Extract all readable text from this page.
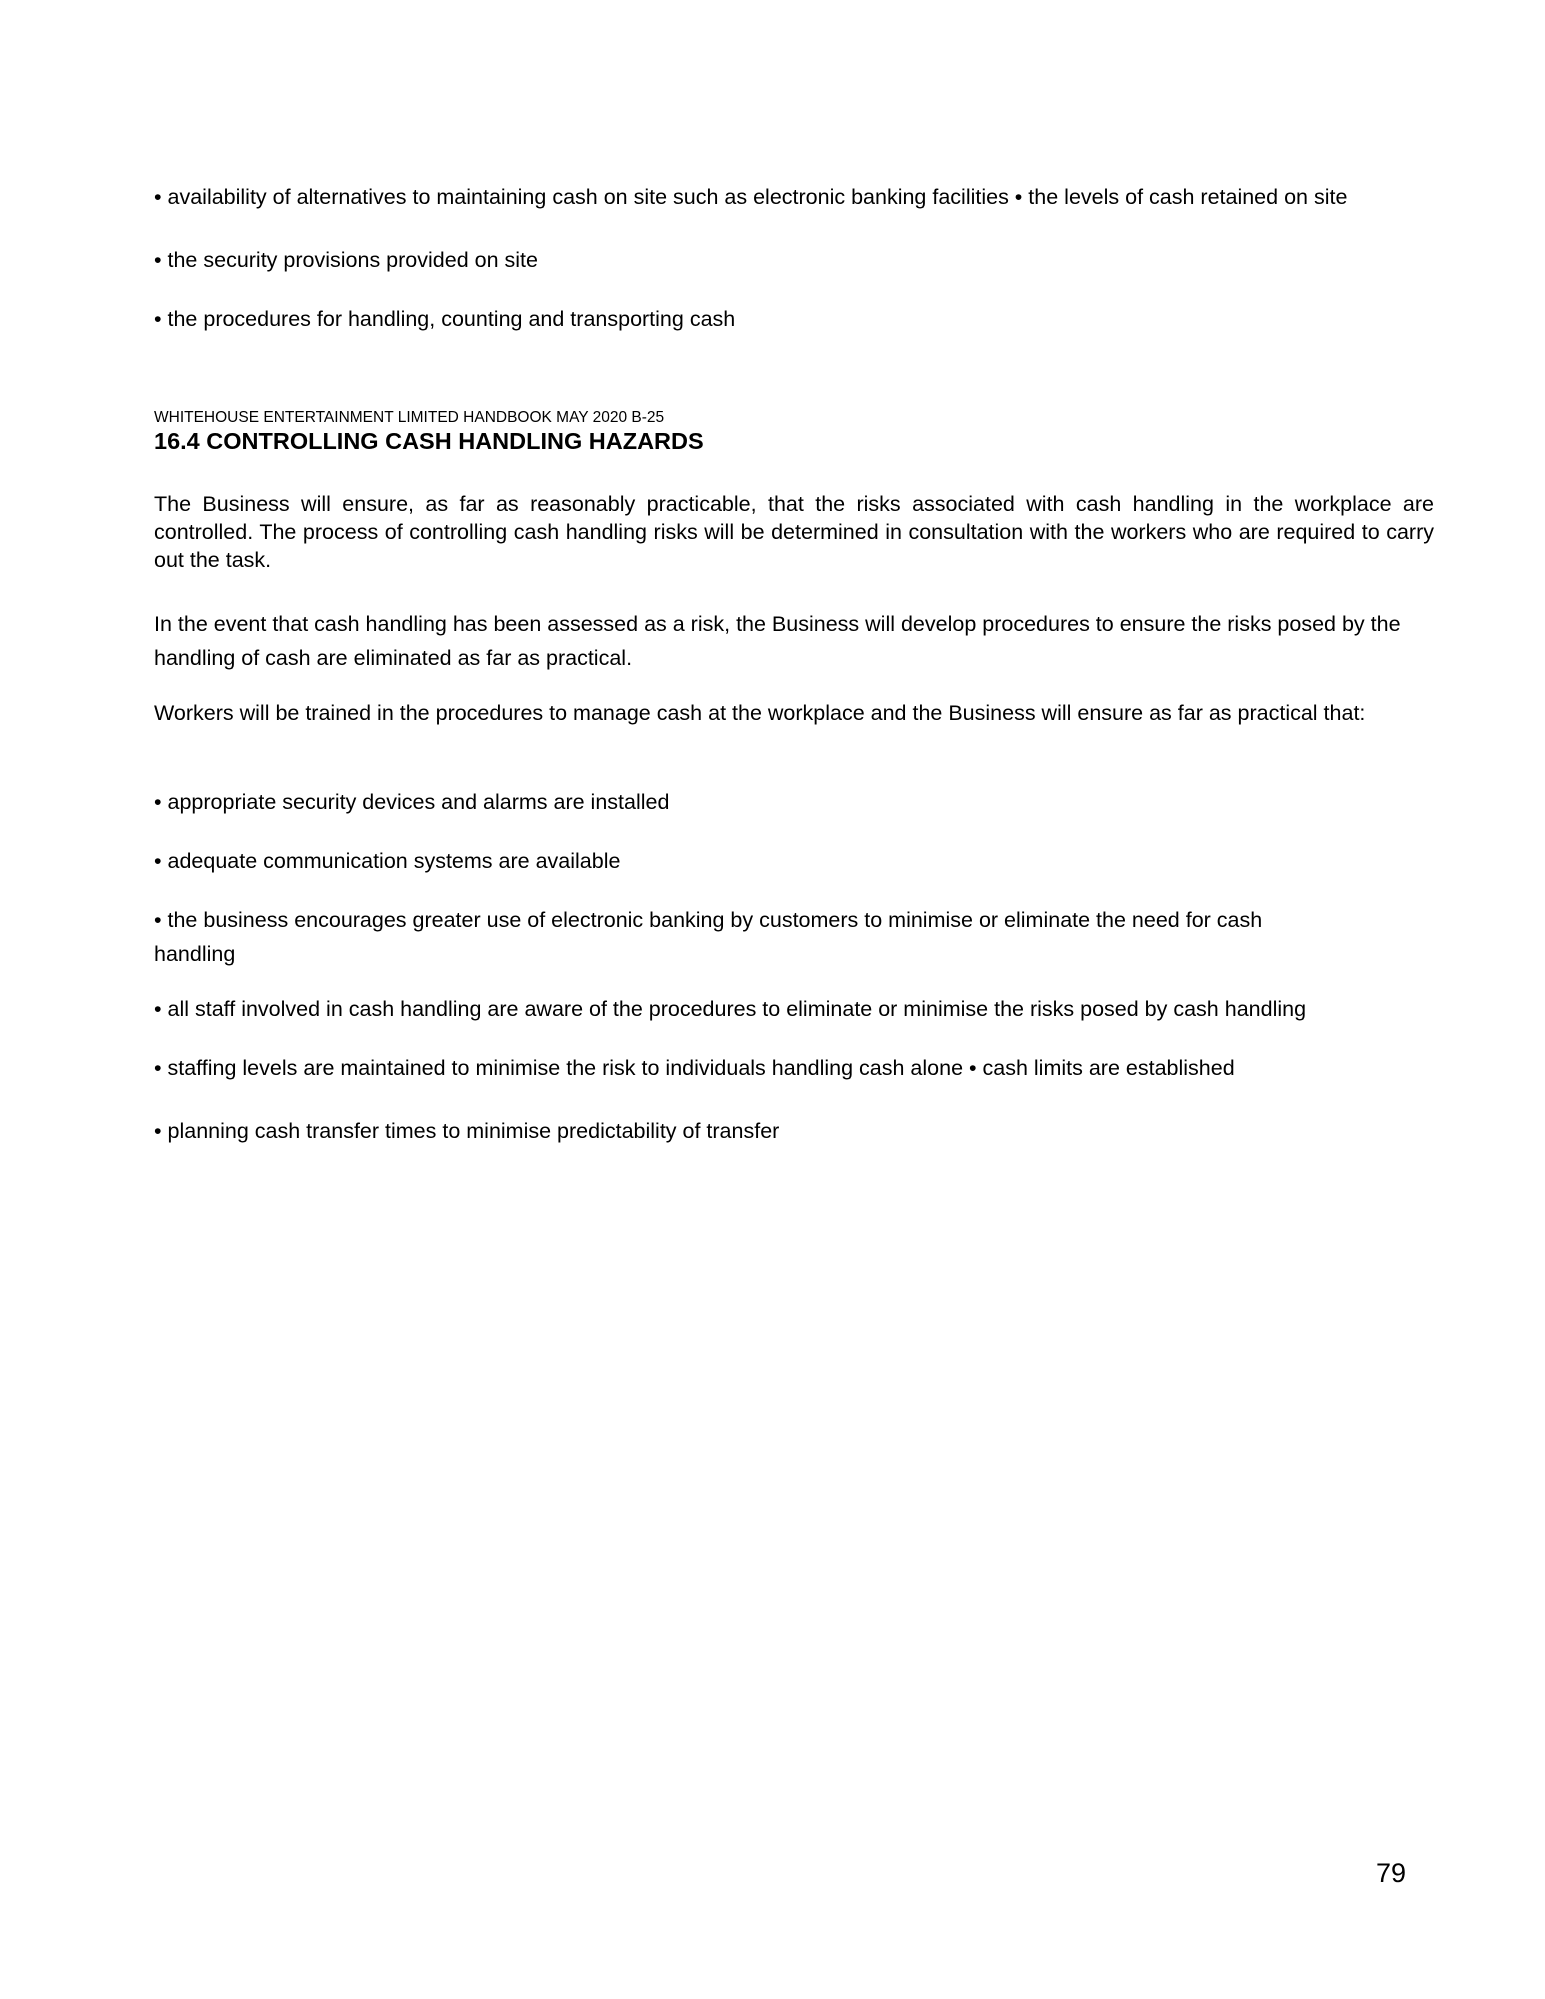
• availability of alternatives to maintaining cash on site such as electronic banking facilities • the levels of cash retained on site

• the security provisions provided on site

• the procedures for handling, counting and transporting cash

WHITEHOUSE ENTERTAINMENT LIMITED HANDBOOK MAY 2020 B-25

16.4 CONTROLLING CASH HANDLING HAZARDS

The Business will ensure, as far as reasonably practicable, that the risks associated with cash handling in the workplace are controlled. The process of controlling cash handling risks will be determined in consultation with the workers who are required to carry out the task.

In the event that cash handling has been assessed as a risk, the Business will develop procedures to ensure the risks posed by the handling of cash are eliminated as far as practical.

Workers will be trained in the procedures to manage cash at the workplace and the Business will ensure as far as practical that:

• appropriate security devices and alarms are installed

• adequate communication systems are available

• the business encourages greater use of electronic banking by customers to minimise or eliminate the need for cash handling

• all staff involved in cash handling are aware of the procedures to eliminate or minimise the risks posed by cash handling

• staffing levels are maintained to minimise the risk to individuals handling cash alone • cash limits are established

• planning cash transfer times to minimise predictability of transfer

79
